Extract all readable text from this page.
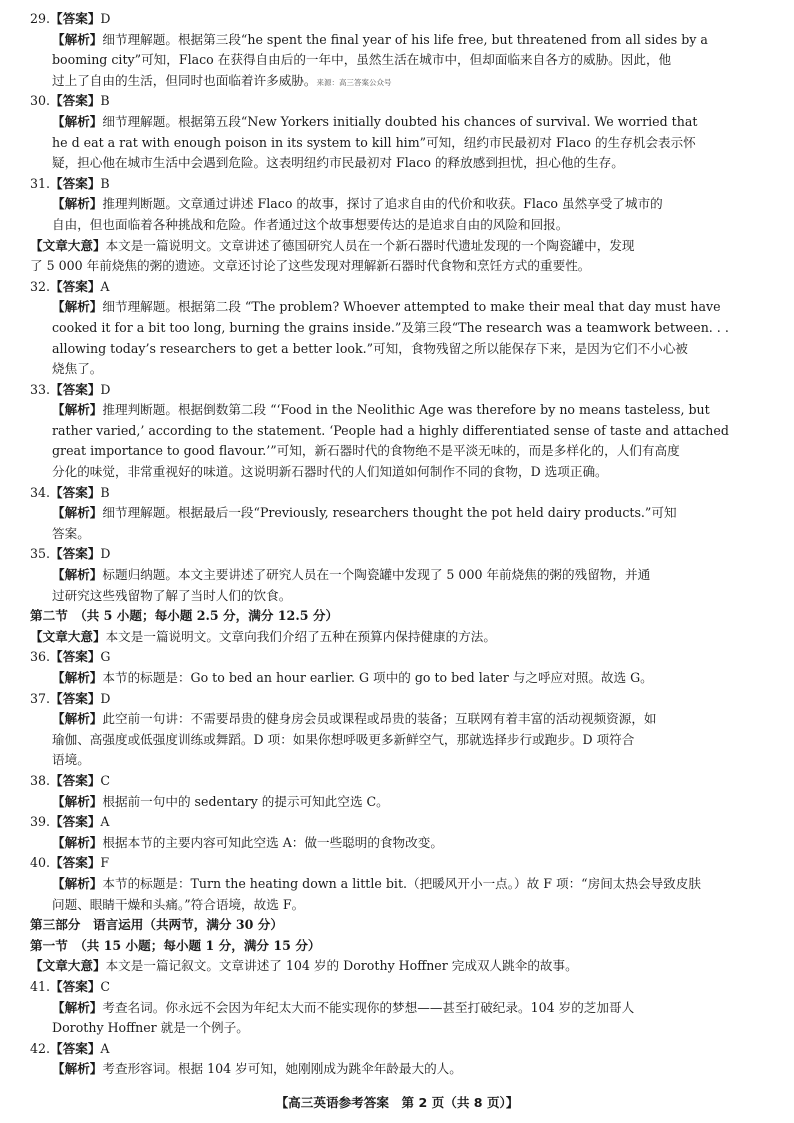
29.【答案】D
【解析】细节理解题。根据第三段“he spent the final year of his life free, but threatened from all sides by a
booming city”可知，Flaco 在获得自由后的一年中，虽然生活在城市中，但却面临来自各方的威胁。因此，他
过上了自由的生活，但同时也面临着许多威胁。来源：高三答案公众号
30.【答案】B
【解析】细节理解题。根据第五段“New Yorkers initially doubted his chances of survival. We worried that
he d eat a rat with enough poison in its system to kill him”可知，纽约市民最初对 Flaco 的生存机会表示怀
疑，担心他在城市生活中会遇到危险。这表明纽约市民最初对 Flaco 的释放感到担忧，担心他的生存。
31.【答案】B
【解析】推理判断题。文章通过讲述 Flaco 的故事，探讨了追求自由的代价和收获。Flaco 虽然享受了城市的
自由，但也面临着各种挑战和危险。作者通过这个故事想要传达的是追求自由的风险和回报。
【文章大意】本文是一篇说明文。文章讲述了德国研究人员在一个新石器时代遗址发现的一个陶瓷罐中，发现
了 5 000 年前烧焦的粥的遗迹。文章还讨论了这些发现对理解新石器时代食物和烹饪方式的重要性。
32.【答案】A
【解析】细节理解题。根据第二段 “The problem? Whoever attempted to make their meal that day must have
cooked it for a bit too long, burning the grains inside.”及第三段“The research was a teamwork between. . .
allowing today’s researchers to get a better look.”可知，食物残留之所以能保存下来，是因为它们不小心被
烧焦了。
33.【答案】D
【解析】推理判断题。根据倒数第二段 “‘Food in the Neolithic Age was therefore by no means tasteless, but
rather varied,’ according to the statement. ‘People had a highly differentiated sense of taste and attached
great importance to good flavour.’”可知，新石器时代的食物绝不是平淡无味的，而是多样化的，人们有高度
分化的味觉，非常重视好的味道。这说明新石器时代的人们知道如何制作不同的食物，D 选项正确。
34.【答案】B
【解析】细节理解题。根据最后一段“Previously, researchers thought the pot held dairy products.”可知
答案。
35.【答案】D
【解析】标题归纳题。本文主要讲述了研究人员在一个陶瓷罐中发现了 5 000 年前烧焦的粥的残留物，并通
过研究这些残留物了解了当时人们的饮食。
第二节　（共 5 小题；每小题 2.5 分，满分 12.5 分）
【文章大意】本文是一篇说明文。文章向我们介绍了五种在预算内保持健康的方法。
36.【答案】G
【解析】本节的标题是：Go to bed an hour earlier. G 项中的 go to bed later 与之呼应对照。故选 G。
37.【答案】D
【解析】此空前一句讲：不需要昂贵的健身房会员或课程或昂贵的装备；互联网有着丰富的活动视频资源，如
瑜伽、高强度或低强度训练或舞蹈。D 项：如果你想呼吸更多新鲜空气，那就选择步行或跑步。D 项符合
语境。
38.【答案】C
【解析】根据前一句中的 sedentary 的提示可知此空选 C。
39.【答案】A
【解析】根据本节的主要内容可知此空选 A：做一些聪明的食物改变。
40.【答案】F
【解析】本节的标题是：Turn the heating down a little bit.（把暖风开小一点。）故 F 项：“房间太热会导致皮肤
问题、眼睛干燥和头痛。”符合语境，故选 F。
第三部分　语言运用（共两节，满分 30 分）
第一节　（共 15 小题；每小题 1 分，满分 15 分）
【文章大意】本文是一篇记叙文。文章讲述了 104 岁的 Dorothy Hoffner 完成双人跳伞的故事。
41.【答案】C
【解析】考查名词。你永远不会因为年纪太大而不能实现你的梦想——甚至打破纪录。104 岁的芝加哥人
Dorothy Hoffner 就是一个例子。
42.【答案】A
【解析】考查形容词。根据 104 岁可知，她刚刚成为跳伞年龄最大的人。
【高三英语参考答案　第 2 页（共 8 页）】
